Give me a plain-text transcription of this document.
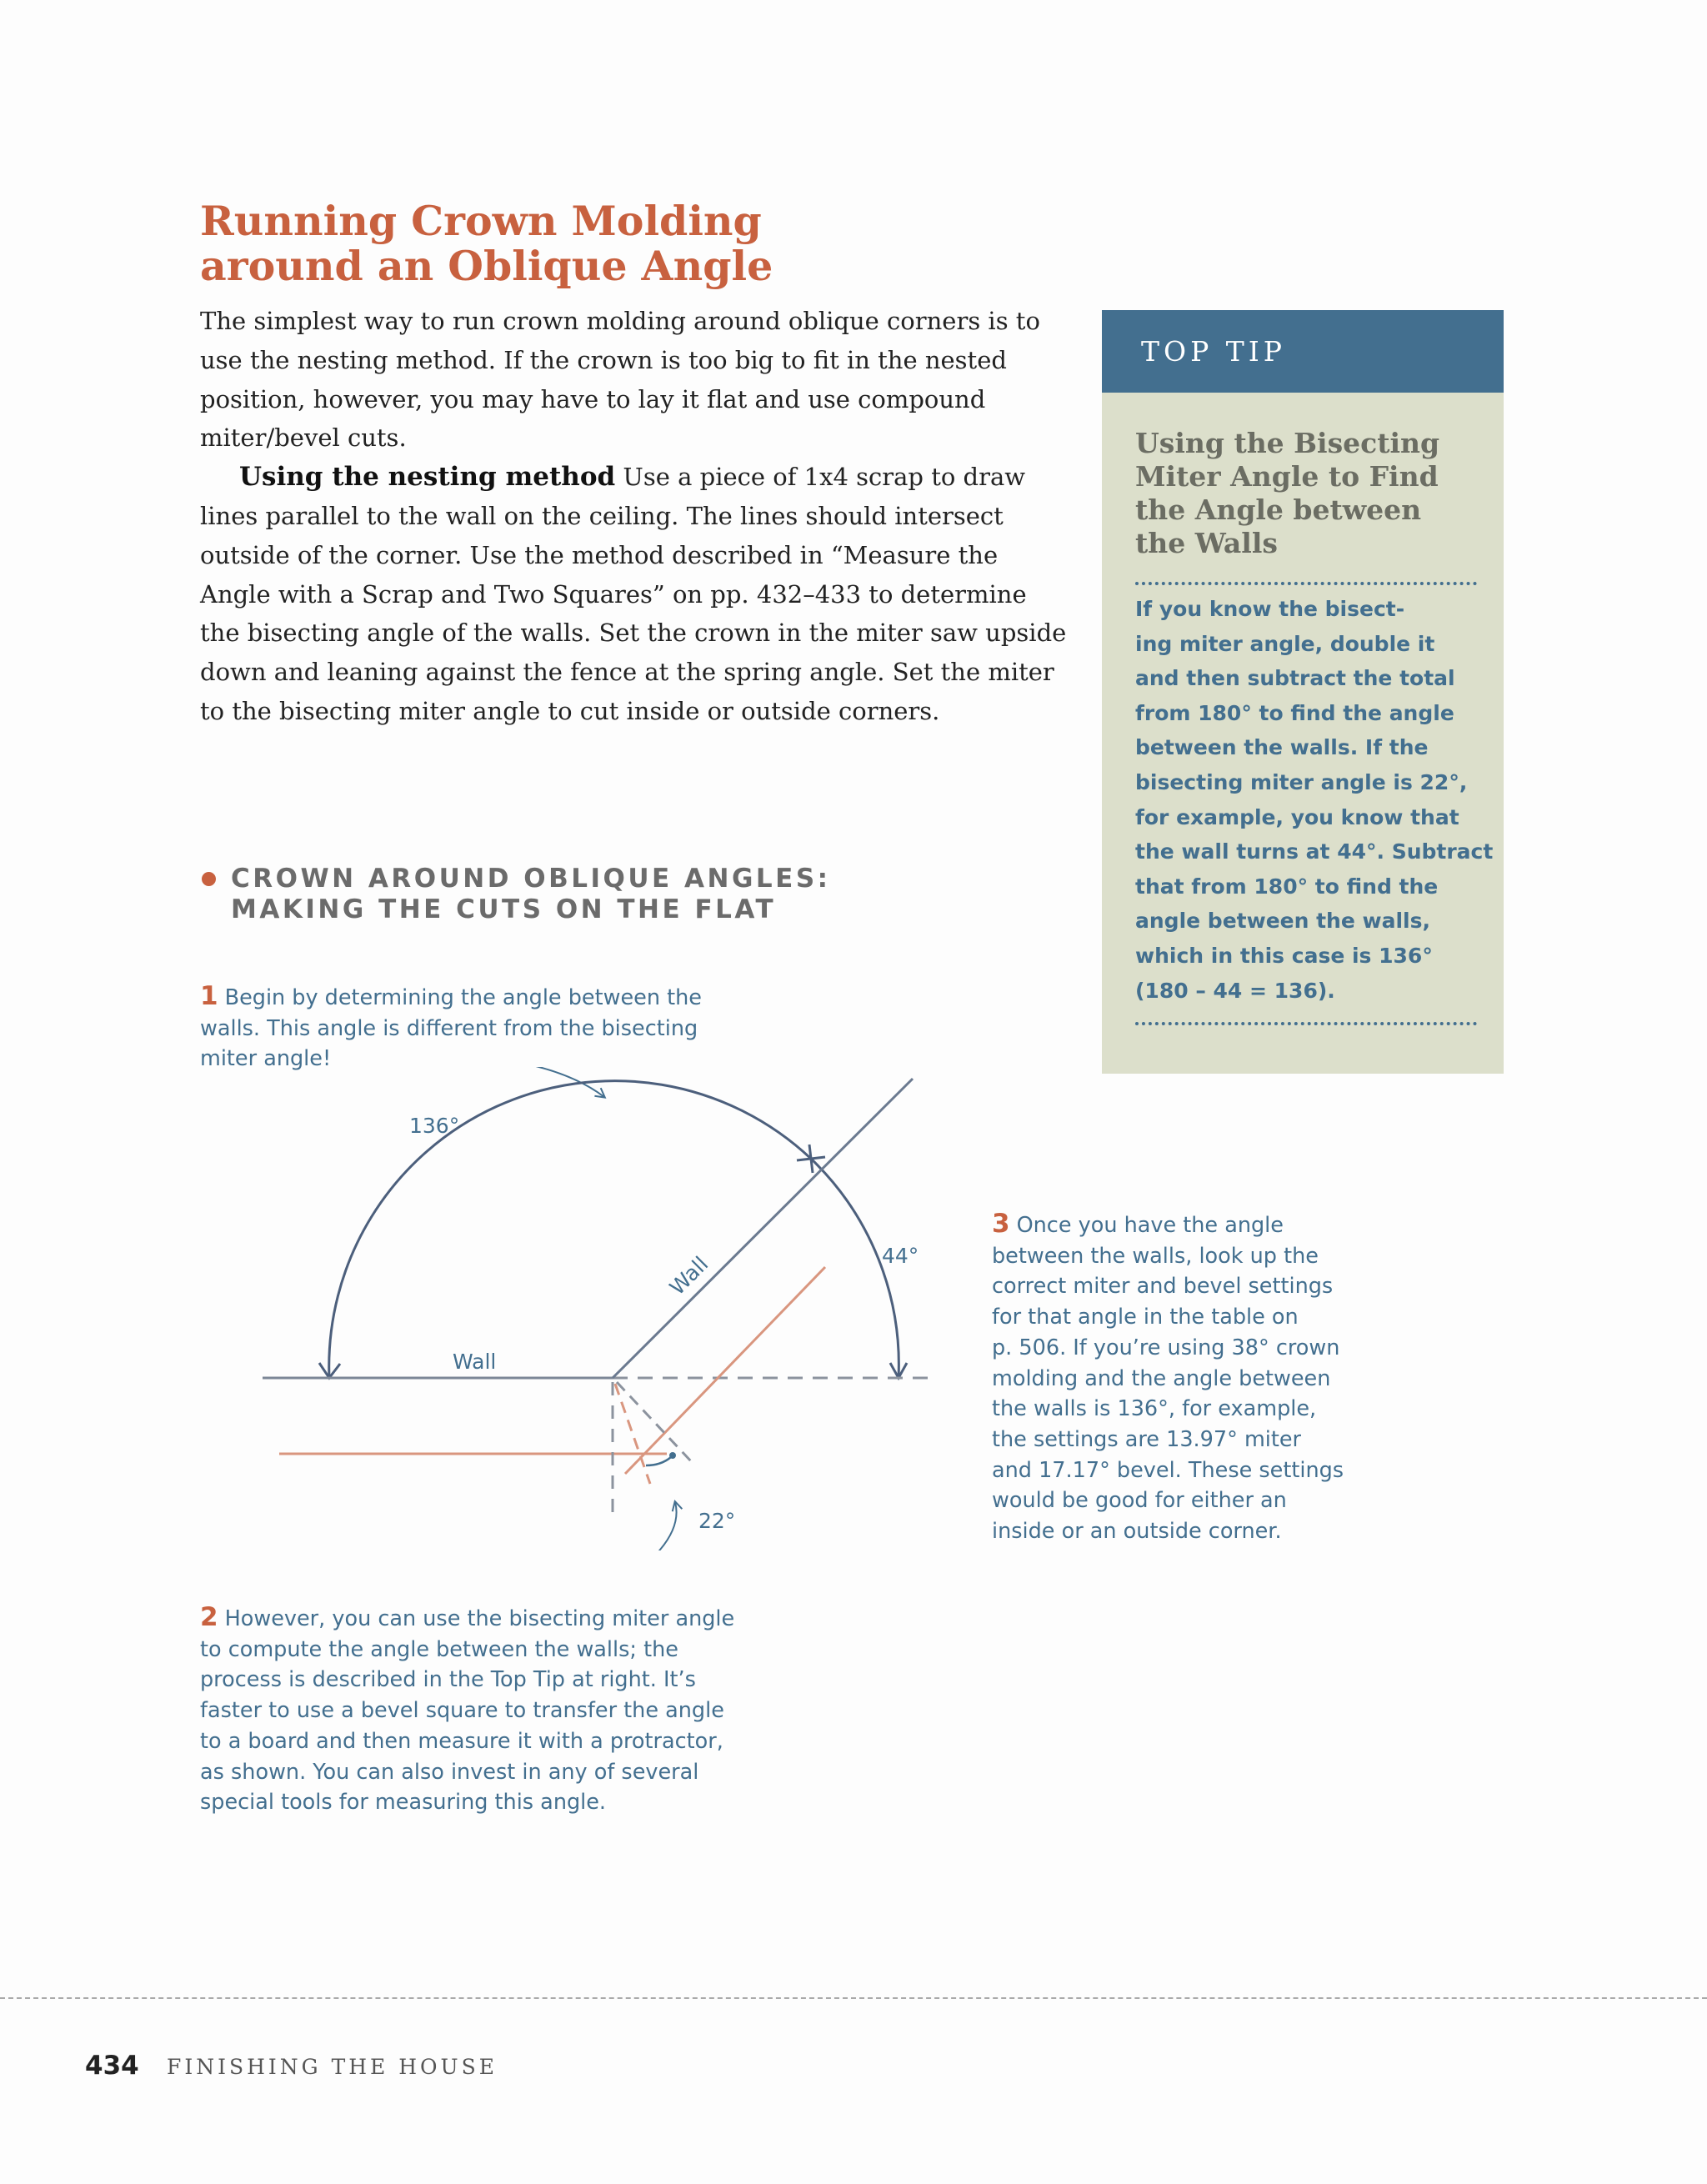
Running Crown Molding
around an Oblique Angle

The simplest way to run crown molding around oblique corners is to use the nesting method. If the crown is too big to fit in the nested position, however, you may have to lay it flat and use compound miter/bevel cuts.

Using the nesting method Use a piece of 1x4 scrap to draw lines parallel to the wall on the ceiling. The lines should intersect outside of the corner. Use the method described in “Measure the Angle with a Scrap and Two Squares” on pp. 432–433 to determine the bisecting angle of the walls. Set the crown in the miter saw upside down and leaning against the fence at the spring angle. Set the miter to the bisecting miter angle to cut inside or outside corners.

TOP TIP
Using the Bisecting
Miter Angle to Find
the Angle between
the Walls
If you know the bisect-
ing miter angle, double it
and then subtract the total
from 180° to find the angle
between the walls. If the
bisecting miter angle is 22°,
for example, you know that
the wall turns at 44°. Subtract
that from 180° to find the
angle between the walls,
which in this case is 136°
(180 – 44 = 136).
CROWN AROUND OBLIQUE ANGLES:
MAKING THE CUTS ON THE FLAT
1 Begin by determining the angle between the
walls. This angle is different from the bisecting
miter angle!
136°
44°
22°
Wall
Wall
2 However, you can use the bisecting miter angle
to compute the angle between the walls; the
process is described in the Top Tip at right. It’s
faster to use a bevel square to transfer the angle
to a board and then measure it with a protractor,
as shown. You can also invest in any of several
special tools for measuring this angle.
3 Once you have the angle
between the walls, look up the
correct miter and bevel settings
for that angle in the table on
p. 506. If you’re using 38° crown
molding and the angle between
the walls is 136°, for example,
the settings are 13.97° miter
and 17.17° bevel. These settings
would be good for either an
inside or an outside corner.
434 FINISHING THE HOUSE
